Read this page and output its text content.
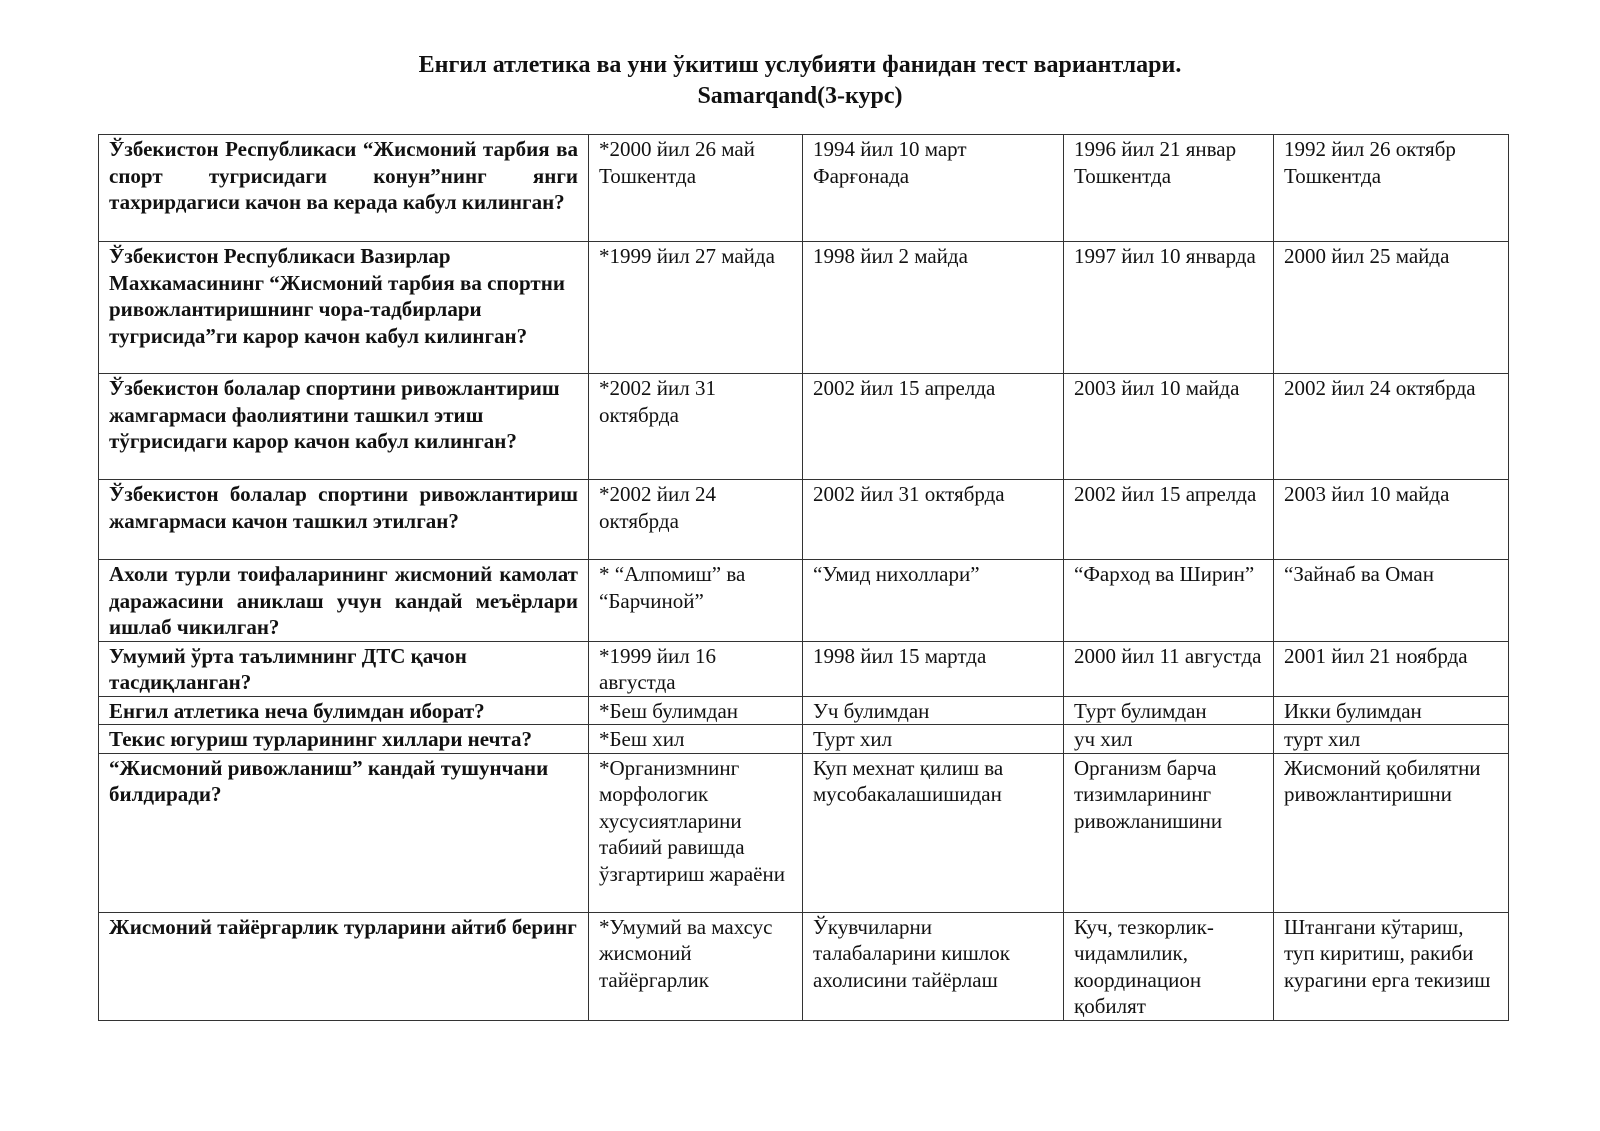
Енгил атлетика ва уни ўкитиш услубияти фанидан тест вариантлари.
Samarqand(3-курс)
Ўзбекистон Республикаси “Жисмоний тарбия ва спорт тугрисидаги конун”нинг янги тахрирдагиси качон ва керада кабул килинган?	*2000 йил 26 май Тошкентда	1994 йил 10 март Фарғонада	1996 йил 21 январ Тошкентда	1992 йил 26 октябр Тошкентда
Ўзбекистон Республикаси Вазирлар Махкамасининг “Жисмоний тарбия ва спортни ривожлантиришнинг чора-тадбирлари тугрисида”ги карор качон кабул килинган?	*1999 йил 27 майда	1998 йил 2 майда	1997 йил 10 январда	2000 йил 25 майда
Ўзбекистон болалар спортини ривожлантириш жамгармаси фаолиятини ташкил этиш тўгрисидаги карор качон кабул килинган?	*2002 йил 31 октябрда	2002 йил 15 апрелда	2003 йил 10 майда	2002 йил 24 октябрда
Ўзбекистон болалар спортини ривожлантириш жамгармаси качон ташкил этилган?	*2002 йил 24 октябрда	2002 йил 31 октябрда	2002 йил 15 апрелда	2003 йил 10 майда
Ахоли турли тоифаларининг жисмоний камолат даражасини аниклаш учун кандай меъёрлари ишлаб чикилган?	* “Алпомиш” ва “Барчиной”	“Умид нихоллари”	“Фарход ва Ширин”	“Зайнаб ва Оман
Умумий ўрта таълимнинг ДТС қачон тасдиқланган?	*1999 йил 16 августда	1998 йил 15 мартда	2000 йил 11 августда	2001 йил 21 ноябрда
Енгил атлетика неча булимдан иборат?	*Беш булимдан	Уч булимдан	Турт булимдан	Икки булимдан
Текис югуриш турларининг хиллари нечта?	*Беш хил	Турт хил	уч хил	турт хил
“Жисмоний ривожланиш” кандай тушунчани билдиради?	*Организмнинг морфологик хусусиятларини табиий равишда ўзгартириш жараёни	Куп мехнат қилиш ва мусобакалашишидан	Организм барча тизимларининг ривожланишини	Жисмоний қобилятни ривожлантиришни
Жисмоний тайёргарлик турларини айтиб беринг	*Умумий ва махсус жисмоний тайёргарлик	Ўкувчиларни талабаларини кишлок ахолисини тайёрлаш	Куч, тезкорлик-чидамлилик, координацион қобилят	Штангани кўтариш, туп киритиш, ракиби курагини ерга текизиш
